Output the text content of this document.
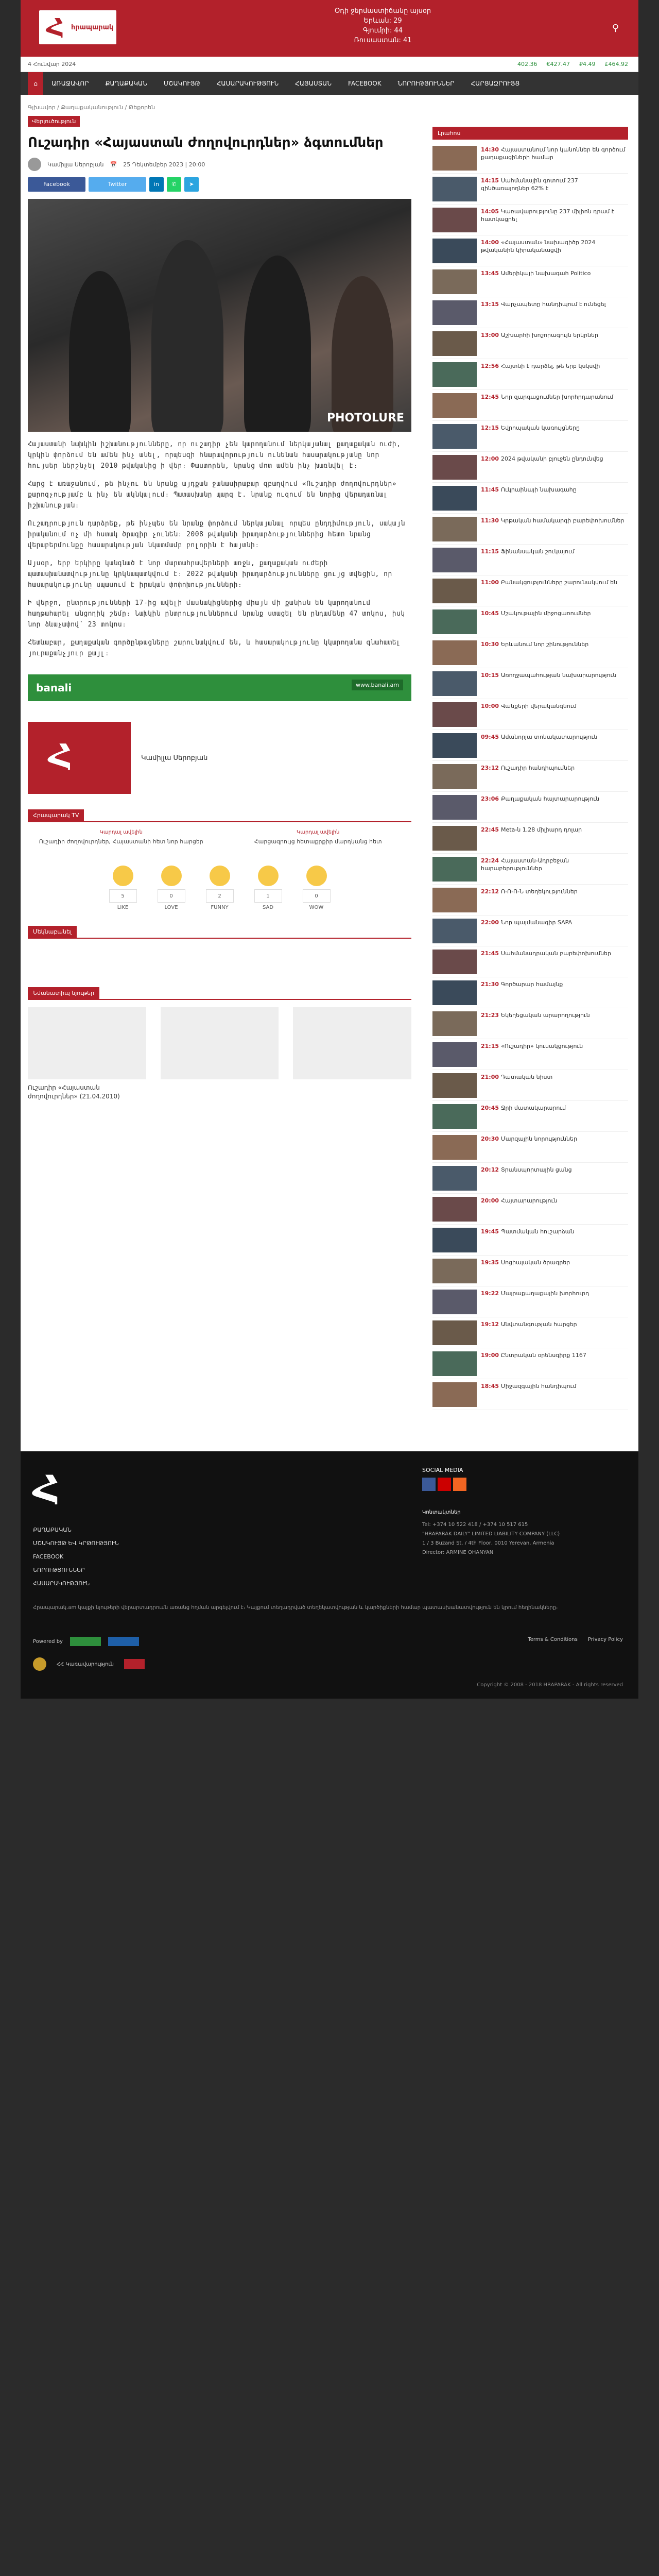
Հ հրապարակ
Օդի ջերմաստիճանը այսօր
Երևան: 29
Գյումրի: 44
Ռուսաստան: 41
⚲
4 Հունվար 2024	402.36 €427.47 ₽4.49 £464.92
⌂	ԱՌԱՋԱՎՈՐ	ՔԱՂԱՔԱԿԱՆ	ՄՇԱԿՈՒՅԹ	ՀԱՍԱՐԱԿՈՒԹՅՈՒՆ	ՀԱՅԱՍՏԱՆ	FACEBOOK	ՆՈՐՈՒԹՅՈՒՆՆԵՐ	ՀԱՐՑԱԶՐՈՒՅՑ
Գլխավոր / Քաղաքականություն / Թեքորեն
Վերլուծություն
Ուշադիր «Հայաստան ժողովուրդներ» ձգտումներ
Կամիլլա Սերոբյան 📅 25 Դեկտեմբեր 2023 | 20:00
Facebook	Twitter	in	✆	➤
PHOTOLURE

Հայաստանի նախկին իշխանությունները, որ ուշադիր չեն կարողանում ներկայանալ քաղաքական ուժի, կրկին փորձում են ամեն ինչ անել, որպեսզի հնարավորություն ունենան հասարակությանը նոր հույսեր ներշնչել 2010 թվականից ի վեր։ Փաստորեն, նրանց մոտ ամեն ինչ խառնվել է։

Հարց է առաջանում, թե ինչու են նրանք այդքան ջանասիրաբար զբաղվում «Ուշադիր ժողովուրդներ» քարոզչությամբ և ինչ են ակնկալում։ Պատասխանը պարզ է. նրանք ուզում են նորից վերադառնալ իշխանության։

Ուշադրություն դարձրեք, թե ինչպես են նրանք փորձում ներկայանալ որպես ընդդիմություն, սակայն իրականում ոչ մի հստակ ծրագիր չունեն։ 2008 թվականի իրադարձություններից հետո նրանց վերաբերմունքը հասարակության նկատմամբ բոլորին է հայտնի։

Այսօր, երբ երկիրը կանգնած է նոր մարտահրավերների առջև, քաղաքական ուժերի պատասխանատվությունը կրկնապատկվում է։ 2022 թվականի իրադարձությունները ցույց տվեցին, որ հասարակությունը սպասում է իրական փոփոխությունների։

Ի վերջո, ընտրությունների 17-ից ավելի մասնակիցներից միայն մի քանիսն են կարողանում հաղթահարել անցողիկ շեմը։ Նախկին ընտրություններում նրանք ստացել են ընդամենը 47 տոկոս, իսկ նոր ձևաչափով՝ 23 տոկոս։

Հետևաբար, քաղաքական գործընթացները շարունակվում են, և հասարակությունը կկարողանա գնահատել յուրաքանչյուր քայլ։

banali	www.banali.am
Հ	Կամիլլա Սերոբյան
Հրապարակ TV
Կարդալ ավելին
Ուշադիր ժողովուրդներ, Հայաստանի հետ նոր հարցեր
Կարդալ ավելին
Հարցազրույց հետաքրքիր մարդկանց հետ
5
LIKE
0
LOVE
2
FUNNY
1
SAD
0
WOW
Մեկնաբանել
Նմանատիպ նյութեր
Ուշադիր «Հայաստան ժողովուրդներ» (21.04.2010)
Լրահոս
14:30 Հայաստանում նոր կանոններ են գործում քաղաքացիների համար
14:15 Սահմանային գոտում 237 զինծառայողներ 62% է
14:05 Կառավարությունը 237 միլիոն դրամ է հատկացրել
14:00 «Հայաստան» նախագիծը 2024 թվականին կիրականացվի
13:45 Ամերիկայի նախագահ Politico
13:15 Վարչապետը հանդիպում է ունեցել
13:00 Աշխարհի խոշորագույն երկրներ
12:56 Հայտնի է դարձել, թե երբ կսկսվի
12:45 Նոր զարգացումներ խորհրդարանում
12:15 Եվրոպական կառույցները
12:00 2024 թվականի բյուջեն ընդունվեց
11:45 Ուկրաինայի նախագահը
11:30 Կրթական համակարգի բարեփոխումներ
11:15 Ֆինանսական շուկայում
11:00 Բանակցությունները շարունակվում են
10:45 Մշակութային միջոցառումներ
10:30 Երևանում նոր շինություններ
10:15 Առողջապահության նախարարություն
10:00 Վանքերի վերականգնում
09:45 Ամանորյա տոնակատարություն
23:12 Ուշադիր հանդիպումներ
23:06 Քաղաքական հայտարարություն
22:45 Meta-ն 1,28 միլիարդ դոլար
22:24 Հայաստան-Ադրբեջան հարաբերություններ
22:12 Ո-Ո-Ո-Ն տեղեկություններ
22:00 Նոր պայմանագիր SAPA
21:45 Սահմանադրական բարեփոխումներ
21:30 Գործարար համայնք
21:23 Եկեղեցական արարողություն
21:15 «Ուշադիր» կուսակցություն
21:00 Դատական նիստ
20:45 Ջրի մատակարարում
20:30 Մարզային նորություններ
20:12 Տրանսպորտային ցանց
20:00 Հայտարարություն
19:45 Պատմական հուշարձան
19:35 Սոցիալական ծրագրեր
19:22 Մայրաքաղաքային խորհուրդ
19:12 Անվտանգության հարցեր
19:00 Ընտրական օրենսգիրք 1167
18:45 Միջազգային հանդիպում
Հ
ՔԱՂԱՔԱԿԱՆ
ՄՇԱԿՈՒՅԹ ԵՎ ԿՐԹՈՒԹՅՈՒՆ
FACEBOOK
ՆՈՐՈՒԹՅՈՒՆՆԵՐ
ՀԱՍԱՐԱԿՈՒԹՅՈՒՆ
SOCIAL MEDIA
Կոնտակտներ
Tel: +374 10 522 418 / +374 10 517 615
"HRAPARAK DAILY" LIMITED LIABILITY COMPANY (LLC)
1 / 3 Buzand St. / 4th Floor, 0010 Yerevan, Armenia
Director: ARMINE OHANYAN
Հրապարակ.am կայքի նյութերի վերարտադրումն առանց հղման արգելվում է։ Կայքում տեղադրված տեղեկատվության և կարծիքների համար պատասխանատվություն են կրում հեղինակները։
Powered by	Terms & Conditions Privacy Policy
ՀՀ Կառավարություն
Copyright © 2008 - 2018 HRAPARAK - All rights reserved
